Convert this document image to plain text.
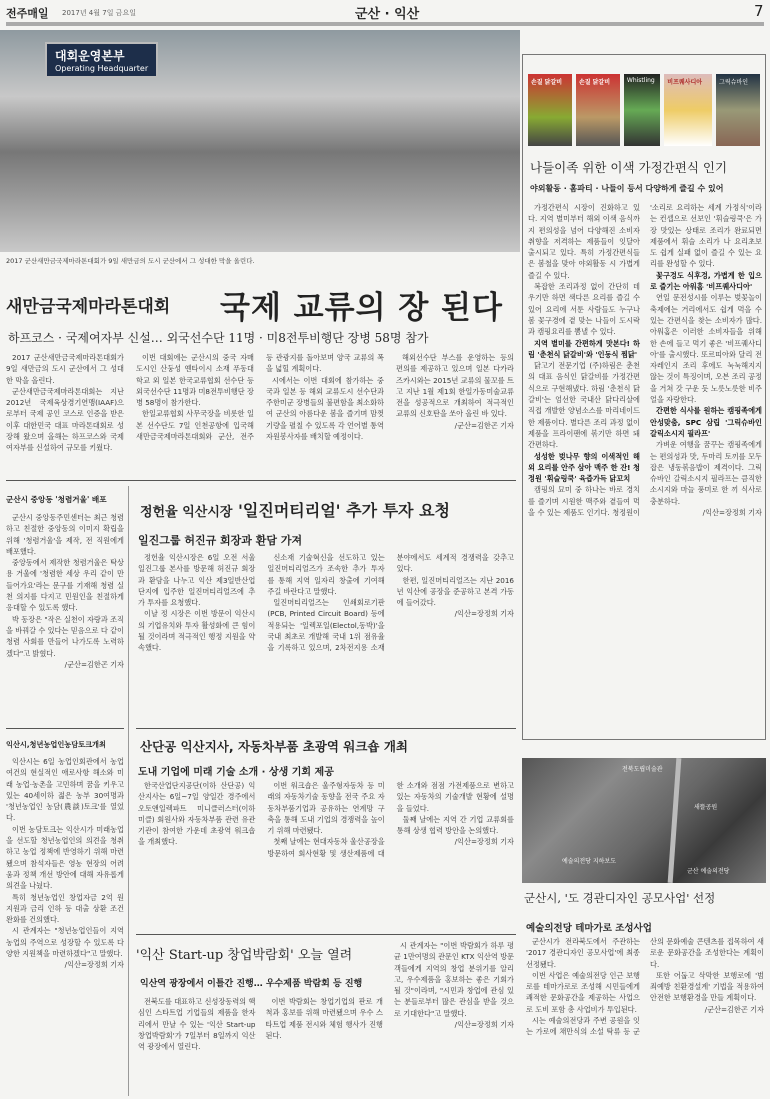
전주매일 2017년 4월 7일 금요일	군산 · 익산	7
대회운영본부
Operating Headquarter
2017 군산새만금국제마라톤대회가 9일 새만금의 도시 군산에서 그 성대한 막을 올린다.
새만금국제마라톤대회 국제 교류의 장 된다
하프코스 · 국제여자부 신설… 외국선수단 11명 · 미8전투비행단 장병 58명 참가

2017 군산새만금국제마라톤대회가 9일 새만금의 도시 군산에서 그 성대한 막을 올린다.

군산새만금국제마라톤대회는 지난 2012년 국제육상경기연맹(IAAF)으로부터 국제 공인 코스로 인증을 받은 이후 대한민국 대표 마라톤대회로 성장해 왔으며 올해는 하프코스와 국제여자부를 신설하여 규모를 키웠다.

이번 대회에는 군산시의 중국 자매도시인 산둥성 옌타이시 소재 푸동대학교 외 일본 한국교류협회 선수단 등 외국선수단 11명과 미8전투비행단 장병 58명이 참가한다.

한일교류협회 사무국장을 비롯한 일본 선수단도 7일 인천공항에 입국해 새만금국제마라톤대회와 군산, 전주 등 관광지를 돌아보며 양국 교류의 폭을 넓힐 계획이다.

시에서는 이번 대회에 참가하는 중국과 일본 등 해외 교류도시 선수단과 주한미군 장병들의 불편함을 최소화하여 군산의 아름다운 봄을 즐기며 맘껏 기량을 펼칠 수 있도록 각 언어별 통역 자원봉사자를 배치할 예정이다.

해외선수단 부스를 운영하는 등의 편의를 제공하고 있으며 일본 다카라즈카시와는 2015년 교류의 물꼬를 트고 지난 1월 제1회 한일가동미술교류전을 성공적으로 개최하여 적극적인 교류의 신호탄을 쏘아 올린 바 있다.

/군산=김한곤 기자
군산시 중앙동 '청렴거울' 배포

군산시 중앙동주민센터는 최근 청렴하고 친절한 중앙동의 이미지 확립을 위해 '청렴거울'을 제작, 전 직원에게 배포했다.

중앙동에서 제작한 청렴거울은 탁상용 거울에 '청렴한 세상 우리 같이 만들어가요'라는 문구를 기재해 청렴 실천 의지를 다지고 민원인을 친절하게 응대할 수 있도록 했다.

박 동장은 "작은 실천이 자랑과 조직을 바꿔갈 수 있다는 믿음으로 다 같이 청렴 사회를 만들어 나가도록 노력하겠다"고 밝혔다.

/군산=김한곤 기자
익산시,청년농업인농담토크개최

익산시는 6일 농업인회관에서 농업여건의 현실적인 애로사항 해소와 미래 농업·농촌을 고민하며 꿈을 키우고 있는 40세이하 젊은 농부 30여명과 '청년농업인 농담(農談)토크'를 열었다.

이번 농담토크는 익산시가 미래농업을 선도할 청년농업인의 의견을 청취하고 농업 정책에 반영하기 위해 마련됐으며 참석자들은 영농 현장의 어려움과 정책 개선 방안에 대해 자유롭게 의견을 나눴다.

특히 청년농업인 창업자금 2억 원 지원과 금리 인하 등 대출 상환 조건 완화를 건의했다.

시 관계자는 "청년농업인들이 지역 농업의 주역으로 성장할 수 있도록 다양한 지원책을 마련하겠다"고 말했다.

/익산=장정희 기자
정헌율 익산시장 '일진머티리얼' 추가 투자 요청
일진그룹 허진규 회장과 환담 가져

정헌율 익산시장은 6일 오전 서울 일진그룹 본사를 방문해 허진규 회장과 환담을 나누고 익산 제3일반산업단지에 입주한 일진머티리얼즈에 추가 투자를 요청했다.

이날 정 시장은 이번 방문이 익산시의 기업유치와 투자 활성화에 큰 힘이 될 것이라며 적극적인 행정 지원을 약속했다.

신소재 기술혁신을 선도하고 있는 일진머티리얼즈가 조속한 추가 투자를 통해 지역 일자리 창출에 기여해 주길 바란다고 말했다.

일진머티리얼즈는 인쇄회로기판(PCB, Printed Circuit Board) 등에 적용되는 '일렉포일(Electol,동박)'을 국내 최초로 개발해 국내 1위 점유율을 기록하고 있으며, 2차전지용 소재 분야에서도 세계적 경쟁력을 갖추고 있다.

한편, 일진머티리얼즈는 지난 2016년 익산에 공장을 준공하고 본격 가동에 들어갔다.

/익산=장정희 기자
산단공 익산지사, 자동차부품 초광역 워크숍 개최
도내 기업에 미래 기술 소개 · 상생 기회 제공

한국산업단지공단(이하 산단공) 익산지사는 6일~7일 양일간 경주에서 오토앤일렉파트 미니클러스터(이하 미클) 회원사와 자동차부품 관련 유관기관이 참여한 가운데 초광역 워크숍을 개최했다.

이번 워크숍은 울주형자동차 등 미래의 자동차기술 동향을 전국 주요 자동차부품기업과 공유하는 연계망 구축을 통해 도내 기업의 경쟁력을 높이기 위해 마련됐다.

첫째 날에는 현대자동차 울산공장을 방문하여 회사현황 및 생산제품에 대한 소개와 점점 가전제품으로 변하고 있는 자동차의 기술개발 현황에 설명을 들었다.

둘째 날에는 지역 간 기업 교류회를 통해 상생 협력 방안을 논의했다.

/익산=장정희 기자
'익산 Start-up 창업박람회' 오늘 열려
익산역 광장에서 이틀간 진행… 우수제품 박람회 등 진행

전북도를 대표하고 신성장동력의 핵심인 스타트업 기업들의 제품을 한자리에서 만날 수 있는 '익산 Start-up 창업박람회'가 7일부터 8일까지 익산역 광장에서 열린다.

이번 박람회는 창업기업의 판로 개척과 홍보를 위해 마련됐으며 우수 스타트업 제품 전시와 체험 행사가 진행된다.

시 관계자는 "이번 박람회가 하루 평균 1만여명의 관문인 KTX 익산역 방문객들에게 지역의 창업 분위기를 알리고, 우수제품을 홍보하는 좋은 기회가 될 것"이라며, "시민과 창업에 관심 있는 분들로부터 많은 관심을 받을 것으로 기대한다"고 말했다.

/익산=장정희 기자
손질 닭갈비	손질 닭갈비	Whistling	비프퀘사디아	그릭슈바인
나들이족 위한 이색 가정간편식 인기
야외활동 · 홈파티 · 나들이 등서 다양하게 즐길 수 있어

가정간편식 시장이 진화하고 있다. 지역 별미부터 해외 이색 음식까지 편의성을 넘어 다양해진 소비자 취향을 저격하는 제품들이 잇달아 출시되고 있다. 특히 가정간편식들은 봄철을 맞아 야외활동 시 가볍게 즐길 수 있다.

복잡한 조리과정 없이 간단히 데우기만 하면 색다른 요리를 즐길 수 있어 요리에 서툰 사람들도 누구나 봄 꽃구경에 곁 맞는 나들이 도시락과 캠핑요리를 뽐낼 수 있다.

지역 별미를 간편하게 맛본다! 하림 '춘천식 닭갈비'와 '인동식 찜닭'

닭고기 전문기업 (주)하림은 춘천의 대표 음식인 닭갈비를 가정간편식으로 구현해냈다. 하림 '춘천식 닭갈비'는 엄선한 국내산 닭다리살에 직접 개발한 양념소스를 마리네이드한 제품이다. 별다른 조리 과정 없이 제품을 프라이팬에 볶기만 하면 돼 간편하다.

성성한 벚나무 향의 이색적인 해외 요리를 안주 삼아 맥주 한 잔! 청정원 '휘슬링쿡' 육즙가득 닭꼬치

캠핑의 묘미 중 하나는 바로 경치를 즐기며 시원한 맥주와 곁들여 먹을 수 있는 제품도 인기다. 청정원이 '소리로 요리하는 세계 가정식'이라는 컨셉으로 선보인 '휘슬링쿡'은 가장 맛있는 상태로 조리가 완료되면 제품에서 휘슬 소리가 나 요리초보도 쉽게 실패 없이 즐길 수 있는 요리를 완성할 수 있다.

꽃구경도 식후경, 가볍게 한 입으로 즐기는 아워홈 '비프퀘사디아'

연일 문전성시를 이루는 벚꽃놀이 축제에는 거리에서도 쉽게 먹을 수 있는 간편식을 찾는 소비자가 많다. 아워홈은 이러한 소비자들을 위해 한 손에 들고 먹기 좋은 '비프퀘사디아'를 출시했다. 또르띠아와 달리 전자레인지 조리 후에도 눅눅해지지 않는 것이 특징이며, 오븐 조리 공정을 거쳐 갓 구운 듯 노릇노릇한 비주얼을 자랑한다.

간편한 식사를 원하는 캠핑족에게 안성맞춤, SPC 삼립 '그릭슈바인 갈릭소시지 필라프'

가벼운 여행을 꿈꾸는 캠핑족에게는 편의성과 맛, 두마리 토끼를 모두 잡은 냉동볶음밥이 제격이다. 그릭슈바인 갈릭소시지 필라프는 큼직한 소시지와 마늘 풍미로 한 끼 식사로 충분하다.

/익산=장정희 기자
전북도립미술관
새뜰공원
예술의전당 지하보도
군산 예술의전당
군산시, '도 경관디자인 공모사업' 선정
예술의전당 테마가로 조성사업

군산시가 전라북도에서 주관하는 '2017 경관디자인 공모사업'에 최종 선정됐다.

이번 사업은 예술의전당 인근 보행로를 테마가로로 조성해 시민들에게 쾌적한 문화공간을 제공하는 사업으로 도비 포함 총 사업비가 투입된다.

시는 예술의전당과 주변 공원을 잇는 가로에 채만식의 소설 탁류 등 군산의 문화예술 콘텐츠를 접목하여 새로운 문화공간을 조성한다는 계획이다.

또한 어둡고 삭막한 보행로에 '범죄예방 친환경설계' 기법을 적용하여 안전한 보행환경을 만들 계획이다.

/군산=김한곤 기자
